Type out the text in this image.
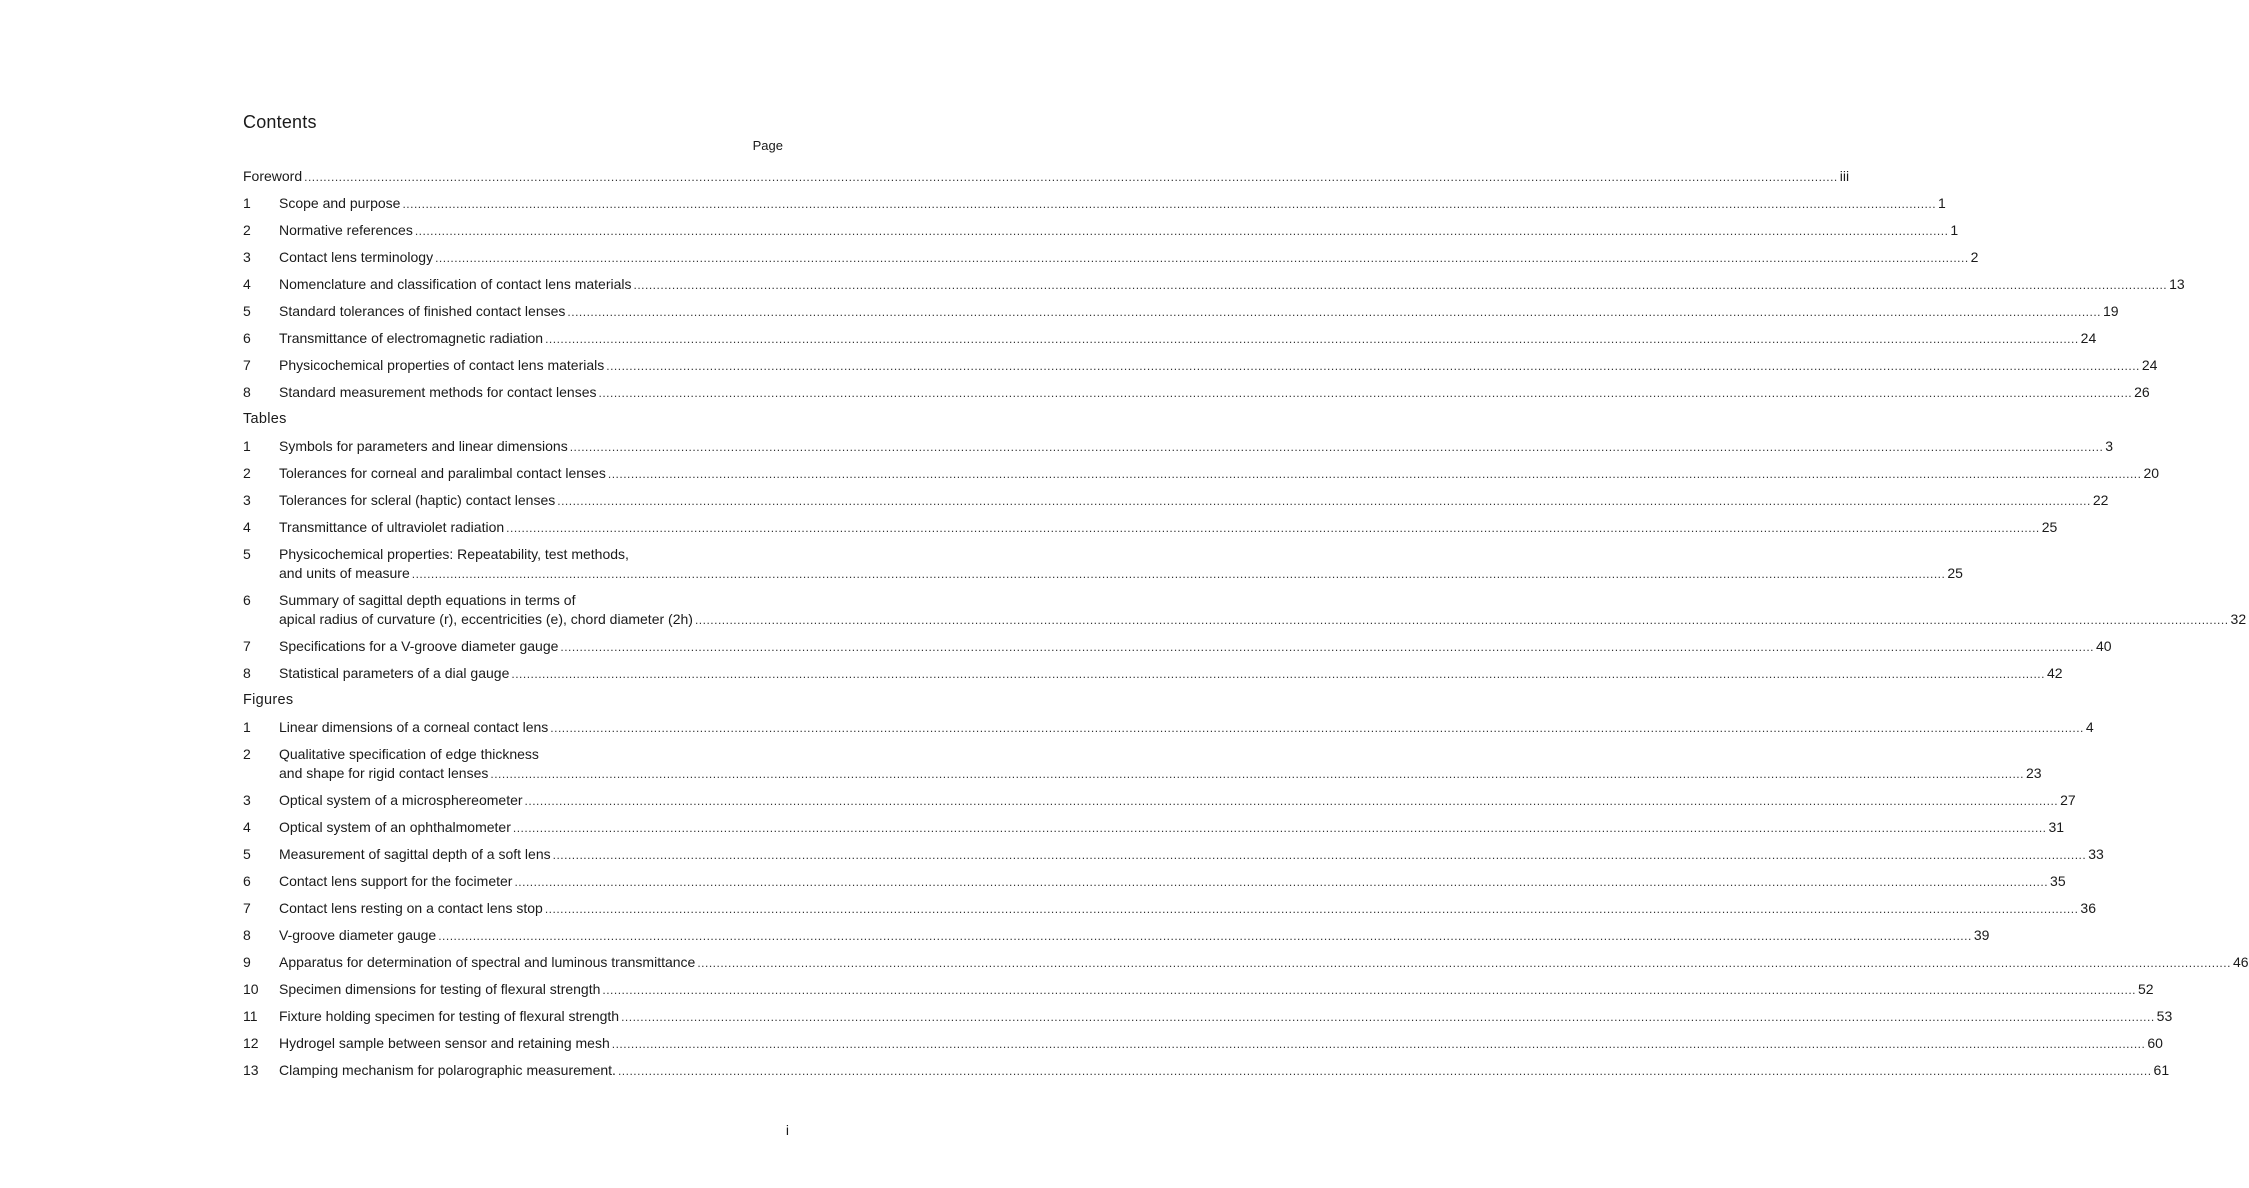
Contents
Page
Foreword ................................................................................................................................................................................................................................................................................................................................................................................................................ iii
1 Scope and purpose ................................................................................................................................................................................................................................................................................................................................................................................................................ 1
2 Normative references ................................................................................................................................................................................................................................................................................................................................................................................................................ 1
3 Contact lens terminology ................................................................................................................................................................................................................................................................................................................................................................................................................ 2
4 Nomenclature and classification of contact lens materials ................................................................................................................................................................................................................................................................................................................................................................................................................ 13
5 Standard tolerances of finished contact lenses ................................................................................................................................................................................................................................................................................................................................................................................................................ 19
6 Transmittance of electromagnetic radiation ................................................................................................................................................................................................................................................................................................................................................................................................................ 24
7 Physicochemical properties of contact lens materials ................................................................................................................................................................................................................................................................................................................................................................................................................ 24
8 Standard measurement methods for contact lenses ................................................................................................................................................................................................................................................................................................................................................................................................................ 26
Tables
1 Symbols for parameters and linear dimensions ................................................................................................................................................................................................................................................................................................................................................................................................................ 3
2 Tolerances for corneal and paralimbal contact lenses ................................................................................................................................................................................................................................................................................................................................................................................................................ 20
3 Tolerances for scleral (haptic) contact lenses ................................................................................................................................................................................................................................................................................................................................................................................................................ 22
4 Transmittance of ultraviolet radiation ................................................................................................................................................................................................................................................................................................................................................................................................................ 25
5 Physicochemical properties: Repeatability, test methods,
and units of measure ................................................................................................................................................................................................................................................................................................................................................................................................................ 25
6 Summary of sagittal depth equations in terms of
apical radius of curvature (r), eccentricities (e), chord diameter (2h) ................................................................................................................................................................................................................................................................................................................................................................................................................ 32
7 Specifications for a V-groove diameter gauge ................................................................................................................................................................................................................................................................................................................................................................................................................ 40
8 Statistical parameters of a dial gauge ................................................................................................................................................................................................................................................................................................................................................................................................................ 42
Figures
1 Linear dimensions of a corneal contact lens ................................................................................................................................................................................................................................................................................................................................................................................................................ 4
2 Qualitative specification of edge thickness
and shape for rigid contact lenses ................................................................................................................................................................................................................................................................................................................................................................................................................ 23
3 Optical system of a microsphereometer ................................................................................................................................................................................................................................................................................................................................................................................................................ 27
4 Optical system of an ophthalmometer ................................................................................................................................................................................................................................................................................................................................................................................................................ 31
5 Measurement of sagittal depth of a soft lens ................................................................................................................................................................................................................................................................................................................................................................................................................ 33
6 Contact lens support for the focimeter ................................................................................................................................................................................................................................................................................................................................................................................................................ 35
7 Contact lens resting on a contact lens stop ................................................................................................................................................................................................................................................................................................................................................................................................................ 36
8 V-groove diameter gauge ................................................................................................................................................................................................................................................................................................................................................................................................................ 39
9 Apparatus for determination of spectral and luminous transmittance ................................................................................................................................................................................................................................................................................................................................................................................................................ 46
10 Specimen dimensions for testing of flexural strength ................................................................................................................................................................................................................................................................................................................................................................................................................ 52
11 Fixture holding specimen for testing of flexural strength ................................................................................................................................................................................................................................................................................................................................................................................................................ 53
12 Hydrogel sample between sensor and retaining mesh ................................................................................................................................................................................................................................................................................................................................................................................................................ 60
13 Clamping mechanism for polarographic measurement. ................................................................................................................................................................................................................................................................................................................................................................................................................ 61
i
